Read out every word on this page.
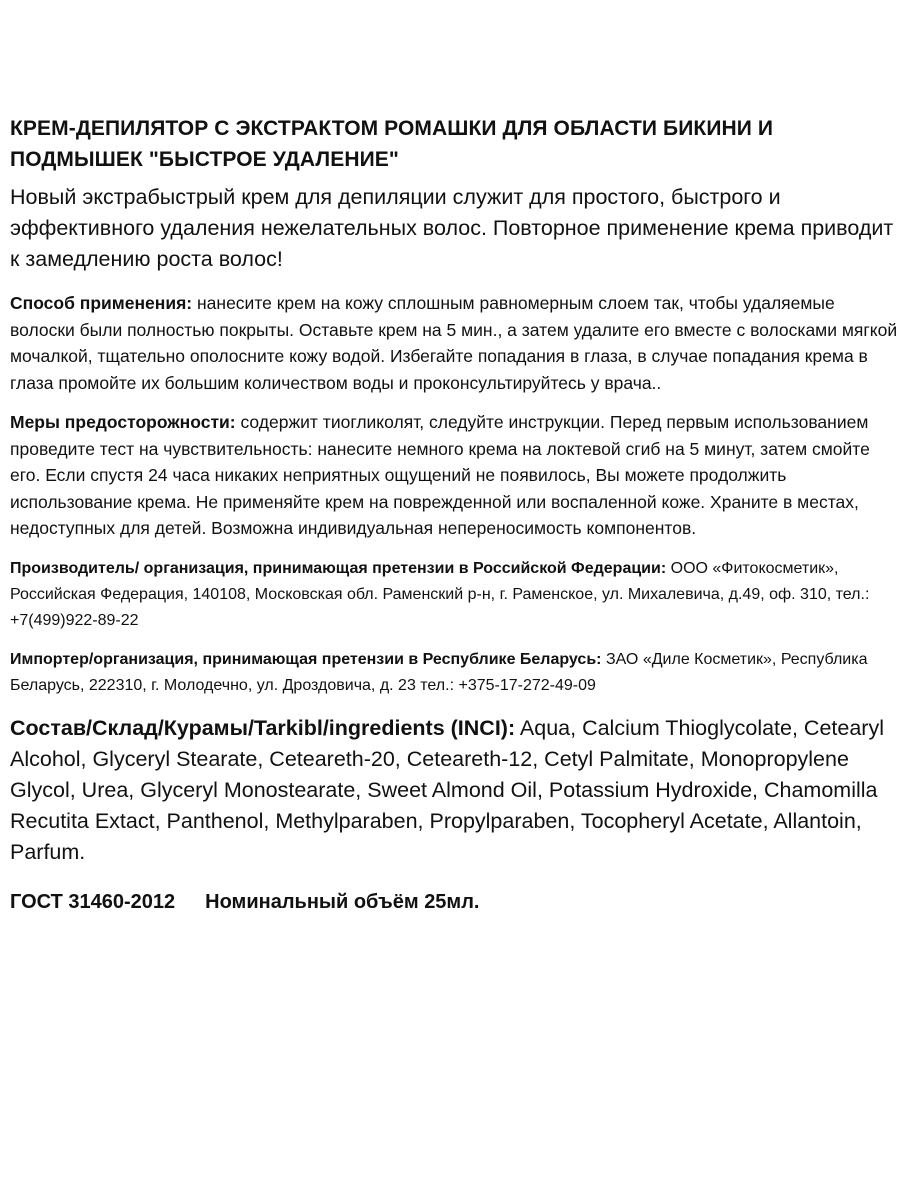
КРЕМ-ДЕПИЛЯТОР С ЭКСТРАКТОМ РОМАШКИ ДЛЯ ОБЛАСТИ БИКИНИ И ПОДМЫШЕК "БЫСТРОЕ УДАЛЕНИЕ"

Новый экстрабыстрый крем для депиляции служит для простого, быстрого и эффективного удаления нежелательных волос. Повторное применение крема приводит к замедлению роста волос!

Способ применения: нанесите крем на кожу сплошным равномерным слоем так, чтобы удаляемые волоски были полностью покрыты. Оставьте крем на 5 мин., а затем удалите его вместе с волосками мягкой мочалкой, тщательно ополосните кожу водой. Избегайте попадания в глаза, в случае попадания крема в глаза промойте их большим количеством воды и проконсультируйтесь у врача..

Меры предосторожности: содержит тиогликолят, следуйте инструкции. Перед первым использованием проведите тест на чувствительность: нанесите немного крема на локтевой сгиб на 5 минут, затем смойте его. Если спустя 24 часа никаких неприятных ощущений не появилось, Вы можете продолжить использование крема. Не применяйте крем на поврежденной или воспаленной коже. Храните в местах, недоступных для детей. Возможна индивидуальная непереносимость компонентов.

Производитель/ организация, принимающая претензии в Российской Федерации: ООО «Фитокосметик», Российская Федерация, 140108, Московская обл. Раменский р-н, г. Раменское, ул. Михалевича, д.49, оф. 310, тел.: +7(499)922-89-22

Импортер/организация, принимающая претензии в Республике Беларусь: ЗАО «Диле Косметик», Республика Беларусь, 222310, г. Молодечно, ул. Дроздовича, д. 23 тел.: +375-17-272-49-09

Состав/Склад/Курамы/Tarkibl/ingredients (INCI): Aqua, Calcium Thioglycolate, Cetearyl Alcohol, Glyceryl Stearate, Ceteareth-20, Ceteareth-12, Cetyl Palmitate, Monopropylene Glycol, Urea, Glyceryl Monostearate, Sweet Almond Oil, Potassium Hydroxide, Chamomilla Recutita Extact, Panthenol, Methylparaben, Propylparaben, Tocopheryl Acetate, Allantoin, Parfum.

ГОСТ 31460-2012 Номинальный объём 25мл.
